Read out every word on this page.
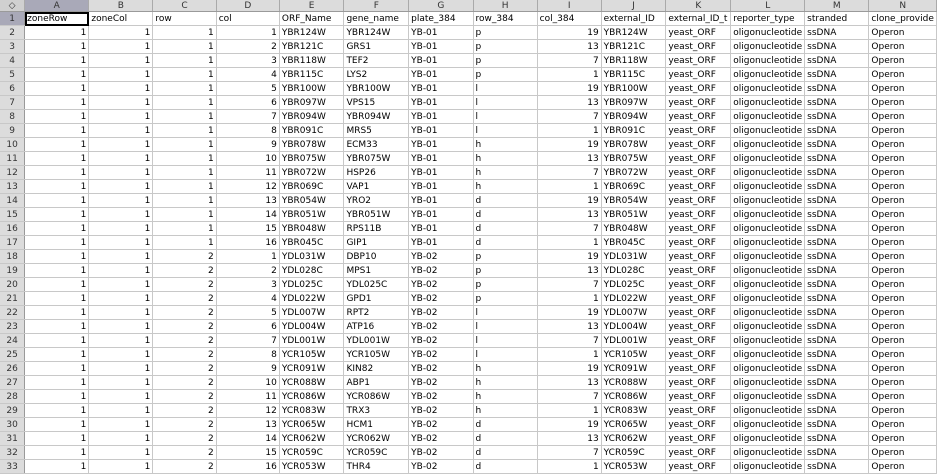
◇	A	B	C	D	E	F	G	H	I	J	K	L	M	N
1	zoneRow	zoneCol	row	col	ORF_Name	gene_name	plate_384	row_384	col_384	external_ID	external_ID_t	reporter_type	stranded	clone_provide
2	1	1	1	1	YBR124W	YBR124W	YB-01	p	19	YBR124W	yeast_ORF	oligonucleotide	ssDNA	Operon
3	1	1	1	2	YBR121C	GRS1	YB-01	p	13	YBR121C	yeast_ORF	oligonucleotide	ssDNA	Operon
4	1	1	1	3	YBR118W	TEF2	YB-01	p	7	YBR118W	yeast_ORF	oligonucleotide	ssDNA	Operon
5	1	1	1	4	YBR115C	LYS2	YB-01	p	1	YBR115C	yeast_ORF	oligonucleotide	ssDNA	Operon
6	1	1	1	5	YBR100W	YBR100W	YB-01	l	19	YBR100W	yeast_ORF	oligonucleotide	ssDNA	Operon
7	1	1	1	6	YBR097W	VPS15	YB-01	l	13	YBR097W	yeast_ORF	oligonucleotide	ssDNA	Operon
8	1	1	1	7	YBR094W	YBR094W	YB-01	l	7	YBR094W	yeast_ORF	oligonucleotide	ssDNA	Operon
9	1	1	1	8	YBR091C	MRS5	YB-01	l	1	YBR091C	yeast_ORF	oligonucleotide	ssDNA	Operon
10	1	1	1	9	YBR078W	ECM33	YB-01	h	19	YBR078W	yeast_ORF	oligonucleotide	ssDNA	Operon
11	1	1	1	10	YBR075W	YBR075W	YB-01	h	13	YBR075W	yeast_ORF	oligonucleotide	ssDNA	Operon
12	1	1	1	11	YBR072W	HSP26	YB-01	h	7	YBR072W	yeast_ORF	oligonucleotide	ssDNA	Operon
13	1	1	1	12	YBR069C	VAP1	YB-01	h	1	YBR069C	yeast_ORF	oligonucleotide	ssDNA	Operon
14	1	1	1	13	YBR054W	YRO2	YB-01	d	19	YBR054W	yeast_ORF	oligonucleotide	ssDNA	Operon
15	1	1	1	14	YBR051W	YBR051W	YB-01	d	13	YBR051W	yeast_ORF	oligonucleotide	ssDNA	Operon
16	1	1	1	15	YBR048W	RPS11B	YB-01	d	7	YBR048W	yeast_ORF	oligonucleotide	ssDNA	Operon
17	1	1	1	16	YBR045C	GIP1	YB-01	d	1	YBR045C	yeast_ORF	oligonucleotide	ssDNA	Operon
18	1	1	2	1	YDL031W	DBP10	YB-02	p	19	YDL031W	yeast_ORF	oligonucleotide	ssDNA	Operon
19	1	1	2	2	YDL028C	MPS1	YB-02	p	13	YDL028C	yeast_ORF	oligonucleotide	ssDNA	Operon
20	1	1	2	3	YDL025C	YDL025C	YB-02	p	7	YDL025C	yeast_ORF	oligonucleotide	ssDNA	Operon
21	1	1	2	4	YDL022W	GPD1	YB-02	p	1	YDL022W	yeast_ORF	oligonucleotide	ssDNA	Operon
22	1	1	2	5	YDL007W	RPT2	YB-02	l	19	YDL007W	yeast_ORF	oligonucleotide	ssDNA	Operon
23	1	1	2	6	YDL004W	ATP16	YB-02	l	13	YDL004W	yeast_ORF	oligonucleotide	ssDNA	Operon
24	1	1	2	7	YDL001W	YDL001W	YB-02	l	7	YDL001W	yeast_ORF	oligonucleotide	ssDNA	Operon
25	1	1	2	8	YCR105W	YCR105W	YB-02	l	1	YCR105W	yeast_ORF	oligonucleotide	ssDNA	Operon
26	1	1	2	9	YCR091W	KIN82	YB-02	h	19	YCR091W	yeast_ORF	oligonucleotide	ssDNA	Operon
27	1	1	2	10	YCR088W	ABP1	YB-02	h	13	YCR088W	yeast_ORF	oligonucleotide	ssDNA	Operon
28	1	1	2	11	YCR086W	YCR086W	YB-02	h	7	YCR086W	yeast_ORF	oligonucleotide	ssDNA	Operon
29	1	1	2	12	YCR083W	TRX3	YB-02	h	1	YCR083W	yeast_ORF	oligonucleotide	ssDNA	Operon
30	1	1	2	13	YCR065W	HCM1	YB-02	d	19	YCR065W	yeast_ORF	oligonucleotide	ssDNA	Operon
31	1	1	2	14	YCR062W	YCR062W	YB-02	d	13	YCR062W	yeast_ORF	oligonucleotide	ssDNA	Operon
32	1	1	2	15	YCR059C	YCR059C	YB-02	d	7	YCR059C	yeast_ORF	oligonucleotide	ssDNA	Operon
33	1	1	2	16	YCR053W	THR4	YB-02	d	1	YCR053W	yeast_ORF	oligonucleotide	ssDNA	Operon
